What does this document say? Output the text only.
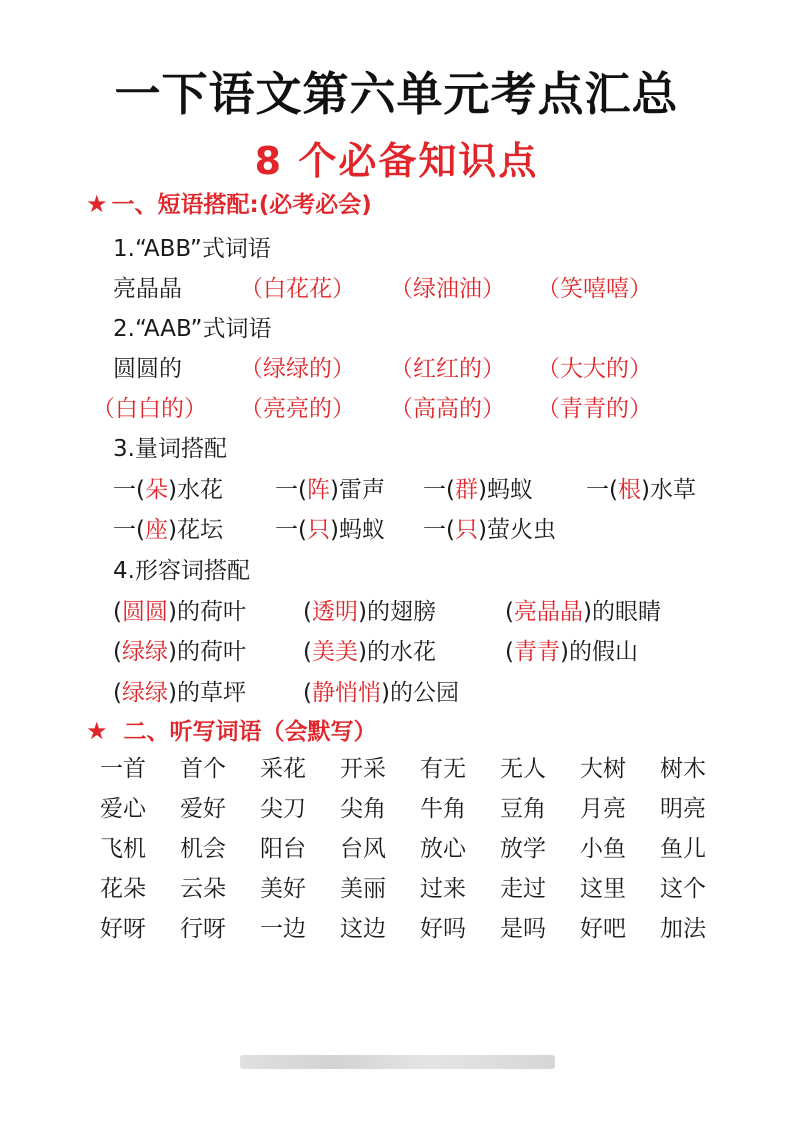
一下语文第六单元考点汇总
8 个必备知识点
★ 一、短语搭配:(必考必会)
1.“ABB”式词语
亮晶晶	（白花花） （绿油油） （笑嘻嘻）
2.“AAB”式词语
圆圆的	（绿绿的） （红红的） （大大的）
（白白的） （亮亮的） （高高的） （青青的）
3.量词搭配
一(朵)水花 一(阵)雷声 一(群)蚂蚁 一(根)水草
一(座)花坛 一(只)蚂蚁 一(只)萤火虫
4.形容词搭配
(圆圆)的荷叶 (透明)的翅膀	(亮晶晶)的眼睛
(绿绿)的荷叶 (美美)的水花	(青青)的假山
(绿绿)的草坪 (静悄悄)的公园
★ 二、听写词语（会默写）
一首	首个	采花	开采	有无	无人	大树	树木
爱心	爱好	尖刀	尖角	牛角	豆角	月亮	明亮
飞机	机会	阳台	台风	放心	放学	小鱼	鱼儿
花朵	云朵	美好	美丽	过来	走过	这里	这个
好呀	行呀	一边	这边	好吗	是吗	好吧	加法
